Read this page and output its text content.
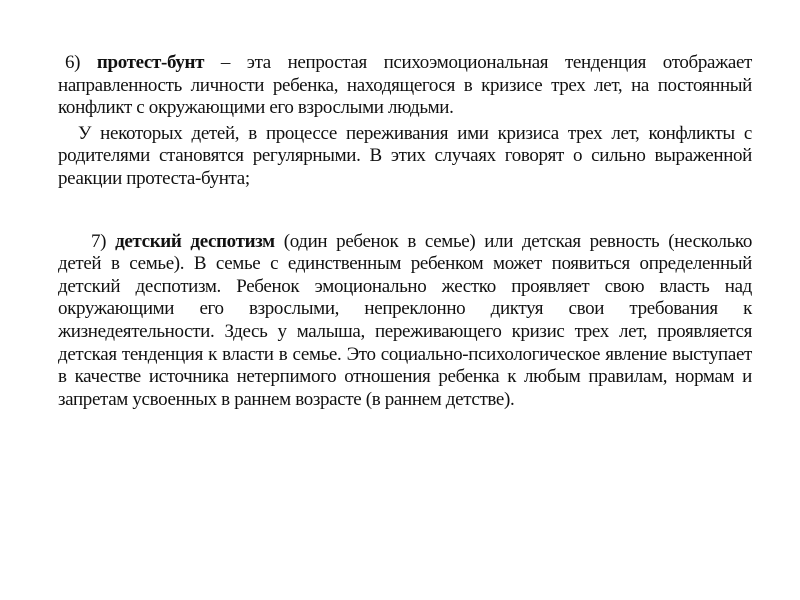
6) протест-бунт – эта непростая психоэмоциональная тенденция отображает направленность личности ребенка, находящегося в кризисе трех лет, на постоянный конфликт с окружающими его взрослыми людьми.

У некоторых детей, в процессе переживания ими кризиса трех лет, конфликты с родителями становятся регулярными. В этих случаях говорят о сильно выраженной реакции протеста-бунта;

7) детский деспотизм (один ребенок в семье) или детская ревность (несколько детей в семье). В семье с единственным ребенком может появиться определенный детский деспотизм. Ребенок эмоционально жестко проявляет свою власть над окружающими его взрослыми, непреклонно диктуя свои требования к жизнедеятельности. Здесь у малыша, переживающего кризис трех лет, проявляется детская тенденция к власти в семье. Это социально-психологическое явление выступает в качестве источника нетерпимого отношения ребенка к любым правилам, нормам и запретам усвоенных в раннем возрасте (в раннем детстве).
